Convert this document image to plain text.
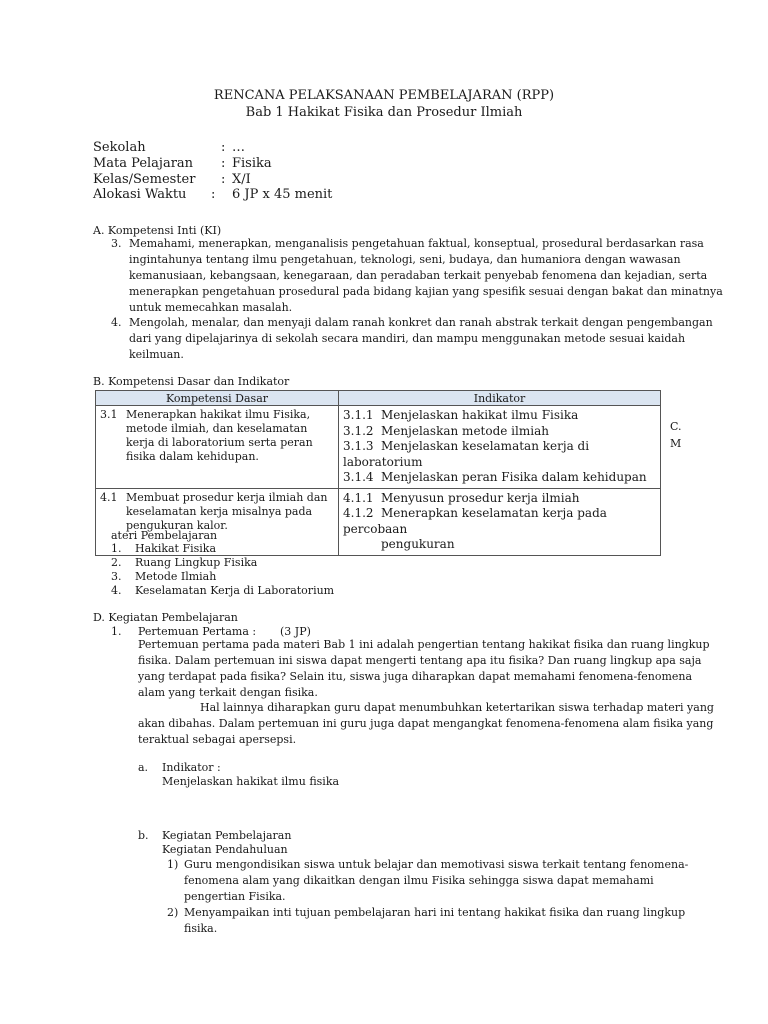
RENCANA PELAKSANAAN PEMBELAJARAN (RPP)
Bab 1 Hakikat Fisika dan Prosedur Ilmiah
Sekolah	: …
Mata Pelajaran : Fisika
Kelas/Semester : X/I
Alokasi Waktu : 6 JP x 45 menit
A. Kompetensi Inti (KI)
3. Memahami, menerapkan, menganalisis pengetahuan faktual, konseptual, prosedural berdasarkan rasa
ingintahunya tentang ilmu pengetahuan, teknologi, seni, budaya, dan humaniora dengan wawasan
kemanusiaan, kebangsaan, kenegaraan, dan peradaban terkait penyebab fenomena dan kejadian, serta
menerapkan pengetahuan prosedural pada bidang kajian yang spesifik sesuai dengan bakat dan minatnya
untuk memecahkan masalah.
4. Mengolah, menalar, dan menyaji dalam ranah konkret dan ranah abstrak terkait dengan pengembangan
dari yang dipelajarinya di sekolah secara mandiri, dan mampu menggunakan metode sesuai kaidah
keilmuan.
B. Kompetensi Dasar dan Indikator
Kompetensi Dasar	Indikator
3.1 Menerapkan hakikat ilmu Fisika, metode ilmiah, dan keselamatan kerja di laboratorium serta peran fisika dalam kehidupan.	3.1.1 Menjelaskan hakikat ilmu Fisika
3.1.2 Menjelaskan metode ilmiah
3.1.3 Menjelaskan keselamatan kerja di laboratorium
3.1.4 Menjelaskan peran Fisika dalam kehidupan

4.1 Membuat prosedur kerja ilmiah dan keselamatan kerja misalnya pada pengukuran kalor.	4.1.1 Menyusun prosedur kerja ilmiah
4.1.2 Menerapkan keselamatan kerja pada percobaan
pengukuran
C.
M
ateri Pembelajaran
1. Hakikat Fisika
2. Ruang Lingkup Fisika
3. Metode Ilmiah
4. Keselamatan Kerja di Laboratorium
D. Kegiatan Pembelajaran
1. Pertemuan Pertama : (3 JP)
Pertemuan pertama pada materi Bab 1 ini adalah pengertian tentang hakikat fisika dan ruang lingkup
fisika. Dalam pertemuan ini siswa dapat mengerti tentang apa itu fisika? Dan ruang lingkup apa saja
yang terdapat pada fisika? Selain itu, siswa juga diharapkan dapat memahami fenomena-fenomena
alam yang terkait dengan fisika.
Hal lainnya diharapkan guru dapat menumbuhkan ketertarikan siswa terhadap materi yang
akan dibahas. Dalam pertemuan ini guru juga dapat mengangkat fenomena-fenomena alam fisika yang
teraktual sebagai apersepsi.
a. Indikator :
Menjelaskan hakikat ilmu fisika
b. Kegiatan Pembelajaran
Kegiatan Pendahuluan
1) Guru mengondisikan siswa untuk belajar dan memotivasi siswa terkait tentang fenomena-
fenomena alam yang dikaitkan dengan ilmu Fisika sehingga siswa dapat memahami
pengertian Fisika.
2) Menyampaikan inti tujuan pembelajaran hari ini tentang hakikat fisika dan ruang lingkup
fisika.
